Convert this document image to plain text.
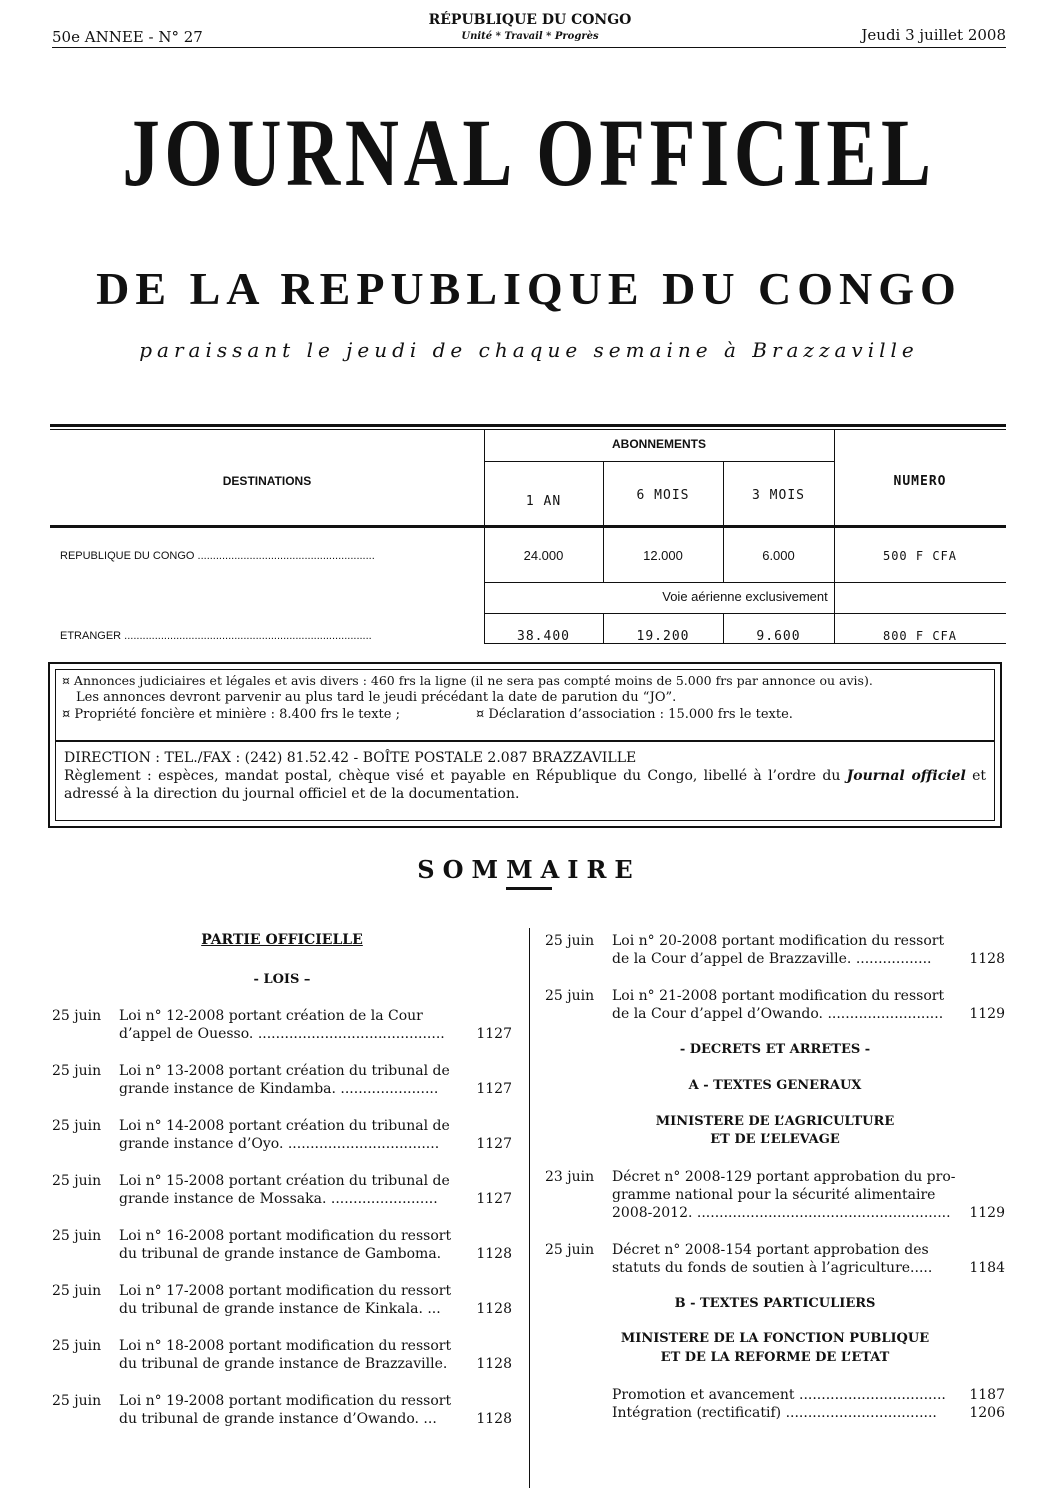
50e ANNEE - N° 27
RÉPUBLIQUE DU CONGO
Unité * Travail * Progrès	Jeudi 3 juillet 2008
JOURNAL OFFICIEL
DE LA REPUBLIQUE DU CONGO
paraissant le jeudi de chaque semaine à Brazzaville
DESTINATIONS
ABONNEMENTS
NUMERO
1 AN	6 MOIS	3 MOIS
REPUBLIQUE DU CONGO ..........................................................	24.000	12.000	6.000	500 F CFA
Voie aérienne exclusivement
ETRANGER .................................................................................	38.400	19.200	9.600	800 F CFA
¤ Annonces judiciaires et légales et avis divers : 460 frs la ligne (il ne sera pas compté moins de 5.000 frs par annonce ou avis).
Les annonces devront parvenir au plus tard le jeudi précédant la date de parution du “JO”.
¤ Propriété foncière et minière : 8.400 frs le texte ;	¤ Déclaration d’association : 15.000 frs le texte.
DIRECTION : TEL./FAX : (242) 81.52.42 - BOÎTE POSTALE 2.087 BRAZZAVILLE
Règlement : espèces, mandat postal, chèque visé et payable en République du Congo, libellé à l’ordre du Journal officiel et adressé à la direction du journal officiel et de la documentation.
SOMMAIRE
PARTIE OFFICIELLE
- LOIS –
25 juin Loi n° 12-2008 portant création de la Cour
d’appel de Ouesso. .......................................... 1127
25 juin Loi n° 13-2008 portant création du tribunal de
grande instance de Kindamba. ......................	1127
25 juin Loi n° 14-2008 portant création du tribunal de
grande instance d’Oyo. ..................................	1127
25 juin Loi n° 15-2008 portant création du tribunal de
grande instance de Mossaka. ........................	1127
25 juin Loi n° 16-2008 portant modification du ressort
du tribunal de grande instance de Gamboma.	1128
25 juin Loi n° 17-2008 portant modification du ressort
du tribunal de grande instance de Kinkala. ...	1128
25 juin Loi n° 18-2008 portant modification du ressort
du tribunal de grande instance de Brazzaville. 1128
25 juin Loi n° 19-2008 portant modification du ressort
du tribunal de grande instance d’Owando. ...	1128
25 juin Loi n° 20-2008 portant modification du ressort
de la Cour d’appel de Brazzaville. .................	1128
25 juin Loi n° 21-2008 portant modification du ressort
de la Cour d’appel d’Owando. .......................... 1129
- DECRETS ET ARRETES -
A - TEXTES GENERAUX
MINISTERE DE L’AGRICULTURE
ET DE L’ELEVAGE
23 juin Décret n° 2008-129 portant approbation du pro-
gramme national pour la sécurité alimentaire
2008-2012. ......................................................... 1129
25 juin Décret n° 2008-154 portant approbation des
statuts du fonds de soutien à l’agriculture.....	1184
B - TEXTES PARTICULIERS
MINISTERE DE LA FONCTION PUBLIQUE
ET DE LA REFORME DE L’ETAT
Promotion et avancement ................................. 1187
Intégration (rectificatif) .................................. 1206
